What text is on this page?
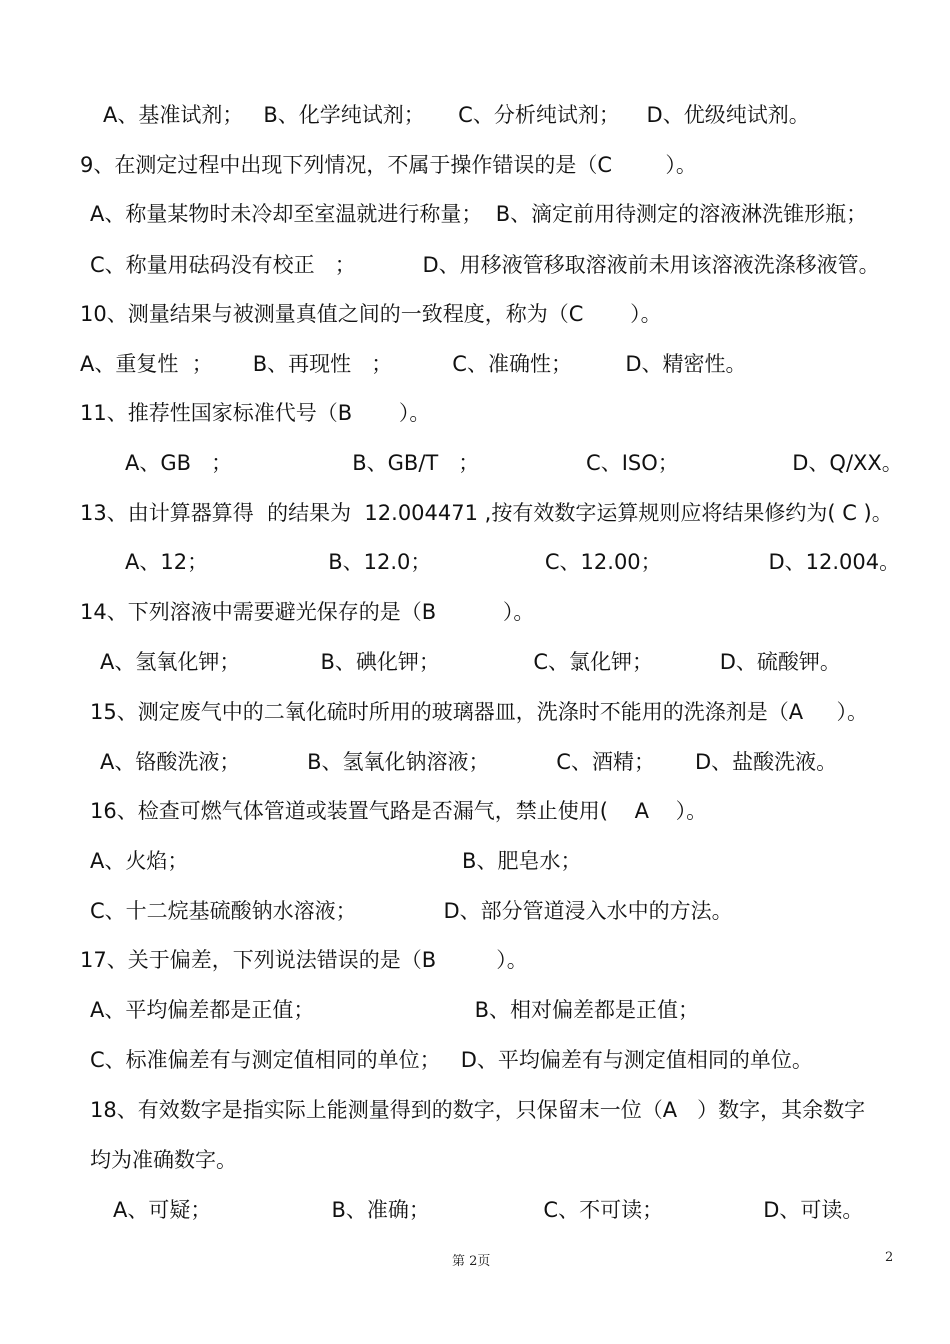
A、基准试剂；   B、化学纯试剂；     C、分析纯试剂；    D、优级纯试剂。
9、在测定过程中出现下列情况，不属于操作错误的是（C        ）。
A、称量某物时未冷却至室温就进行称量；  B、滴定前用待测定的溶液淋洗锥形瓶；
C、称量用砝码没有校正   ；          D、用移液管移取溶液前未用该溶液洗涤移液管。
10、测量结果与被测量真值之间的一致程度，称为（C       ）。
A、重复性  ；      B、再现性   ；         C、准确性；        D、精密性。
11、推荐性国家标准代号（B       ）。
A、GB   ；                  B、GB/T   ；                C、ISO；                 D、Q/XX。
13、由计算器算得  的结果为  12.004471 ,按有效数字运算规则应将结果修约为( C )。
A、12；                  B、12.0；                 C、12.00；                D、12.004。
14、下列溶液中需要避光保存的是（B          ）。
A、氢氧化钾；            B、碘化钾；              C、氯化钾；          D、硫酸钾。
15、测定废气中的二氧化硫时所用的玻璃器皿，洗涤时不能用的洗涤剂是（A     ）。
A、铬酸洗液；          B、氢氧化钠溶液；          C、酒精；      D、盐酸洗液。
16、检查可燃气体管道或装置气路是否漏气，禁止使用(    A    ）。
A、火焰；                                         B、肥皂水；
C、十二烷基硫酸钠水溶液；             D、部分管道浸入水中的方法。
17、关于偏差，下列说法错误的是（B         ）。
A、平均偏差都是正值；                        B、相对偏差都是正值；
C、标准偏差有与测定值相同的单位；   D、平均偏差有与测定值相同的单位。
18、有效数字是指实际上能测量得到的数字，只保留末一位（A   ）数字，其余数字
均为准确数字。
A、可疑；                  B、准确；                 C、不可读；               D、可读。
第 2页	2
